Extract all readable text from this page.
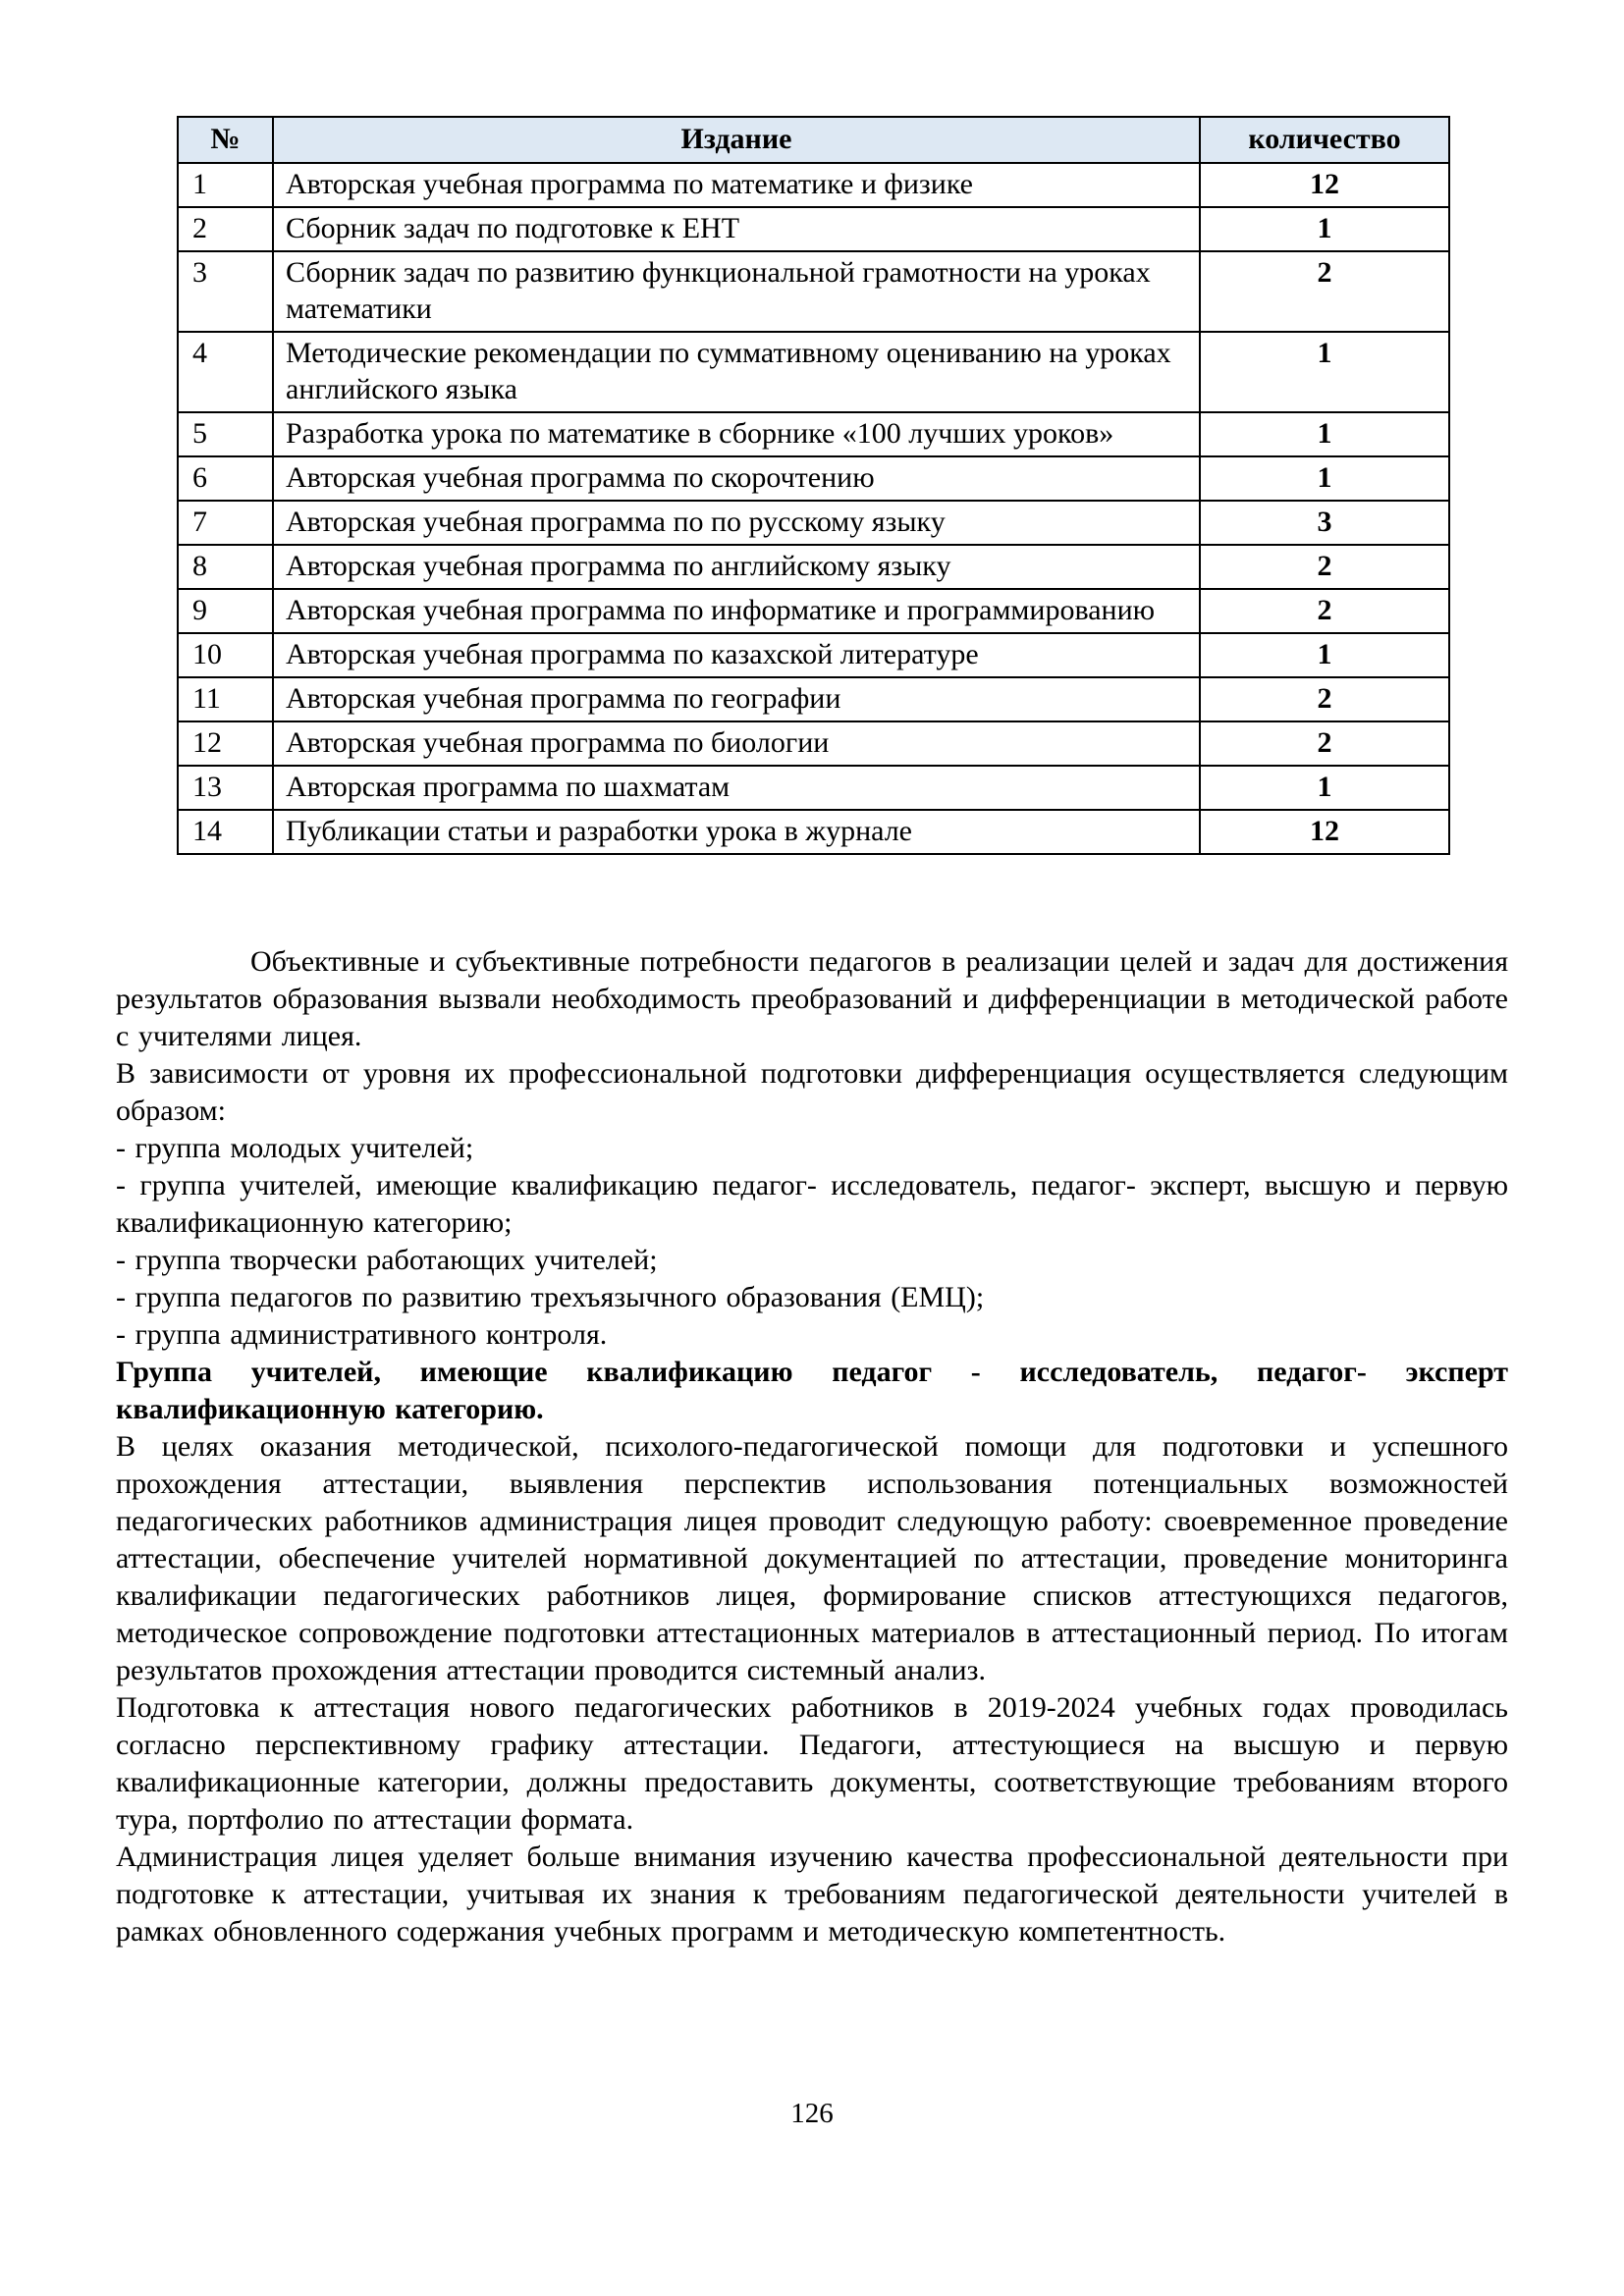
№	Издание	количество
1	Авторская учебная программа по математике и физике	12
2	Сборник задач по подготовке к ЕНТ	1
3	Сборник задач по развитию функциональной грамотности на уроках математики	2
4	Методические рекомендации по суммативному оцениванию на уроках английского языка	1
5	Разработка урока по математике в сборнике «100 лучших уроков»	1
6	Авторская учебная программа по скорочтению	1
7	Авторская учебная программа по по русскому языку	3
8	Авторская учебная программа по английскому языку	2
9	Авторская учебная программа по информатике и программированию	2
10	Авторская учебная программа по казахской литературе	1
11	Авторская учебная программа по географии	2
12	Авторская учебная программа по биологии	2
13	Авторская программа по шахматам	1
14	Публикации статьи и разработки урока в журнале	12

Объективные и субъективные потребности педагогов в реализации целей и задач для достижения результатов образования вызвали необходимость преобразований и дифференциации в методической работе с учителями лицея.

В зависимости от уровня их профессиональной подготовки дифференциация осуществляется следующим образом:

- группа молодых учителей;

- группа учителей, имеющие квалификацию педагог- исследователь, педагог- эксперт, высшую и первую квалификационную категорию;

- группа творчески работающих учителей;

- группа педагогов по развитию трехъязычного образования (ЕМЦ);

- группа административного контроля.

Группа учителей, имеющие квалификацию педагог - исследователь, педагог- эксперт квалификационную категорию.

В целях оказания методической, психолого-педагогической помощи для подготовки и успешного прохождения аттестации, выявления перспектив использования потенциальных возможностей педагогических работников администрация лицея проводит следующую работу: своевременное проведение аттестации, обеспечение учителей нормативной документацией по аттестации, проведение мониторинга квалификации педагогических работников лицея, формирование списков аттестующихся педагогов, методическое сопровождение подготовки аттестационных материалов в аттестационный период. По итогам результатов прохождения аттестации проводится системный анализ.

Подготовка к аттестация нового педагогических работников в 2019-2024 учебных годах проводилась согласно перспективному графику аттестации. Педагоги, аттестующиеся на высшую и первую квалификационные категории, должны предоставить документы, соответствующие требованиям второго тура, портфолио по аттестации формата.

Администрация лицея уделяет больше внимания изучению качества профессиональной деятельности при подготовке к аттестации, учитывая их знания к требованиям педагогической деятельности учителей в рамках обновленного содержания учебных программ и методическую компетентность.

126
